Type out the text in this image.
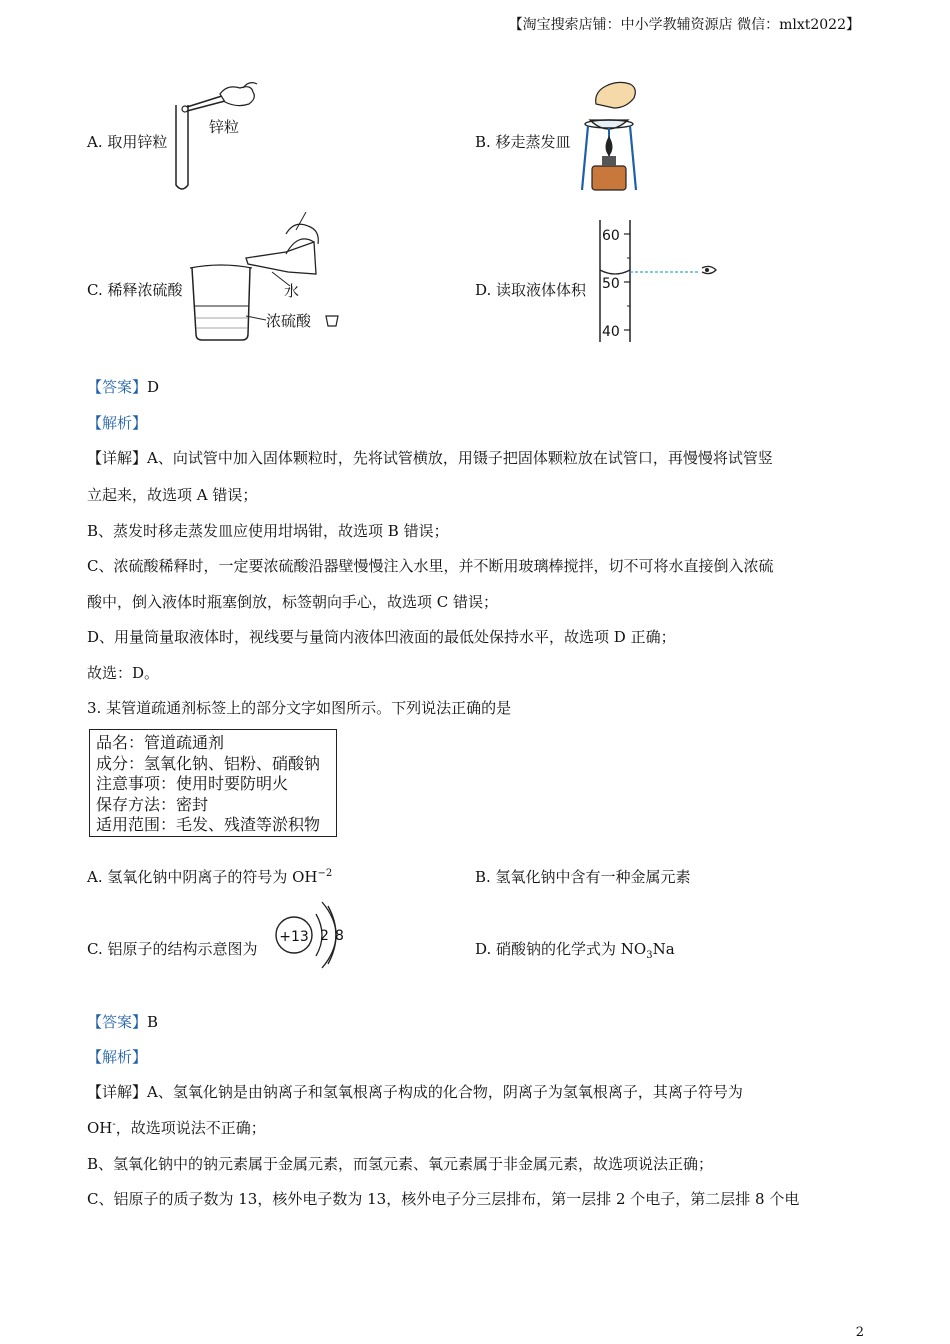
【淘宝搜索店铺：中小学教辅资源店 微信：mlxt2022】
A. 取用锌粒
锌粒
B. 移走蒸发皿
C. 稀释浓硫酸	水
浓硫酸
D. 读取液体体积
60
50
40
【答案】D
【解析】
【详解】A、向试管中加入固体颗粒时，先将试管横放，用镊子把固体颗粒放在试管口，再慢慢将试管竖
立起来，故选项 A 错误；
B、蒸发时移走蒸发皿应使用坩埚钳，故选项 B 错误；
C、浓硫酸稀释时，一定要浓硫酸沿器壁慢慢注入水里，并不断用玻璃棒搅拌，切不可将水直接倒入浓硫
酸中，倒入液体时瓶塞倒放，标签朝向手心，故选项 C 错误；
D、用量筒量取液体时，视线要与量筒内液体凹液面的最低处保持水平，故选项 D 正确；
故选：D。
3. 某管道疏通剂标签上的部分文字如图所示。下列说法正确的是
品名：管道疏通剂
成分：氢氧化钠、铝粉、硝酸钠
注意事项：使用时要防明火
保存方法：密封
适用范围：毛发、残渣等淤积物
A. 氢氧化钠中阴离子的符号为 $OH^{-2}$	B. 氢氧化钠中含有一种金属元素
C. 铝原子的结构示意图为
+13 2 8
D. 硝酸钠的化学式为 $NO_3Na$
【答案】B
【解析】
【详解】A、氢氧化钠是由钠离子和氢氧根离子构成的化合物，阴离子为氢氧根离子，其离子符号为
OH-，故选项说法不正确；
B、氢氧化钠中的钠元素属于金属元素，而氢元素、氧元素属于非金属元素，故选项说法正确；
C、铝原子的质子数为 13，核外电子数为 13，核外电子分三层排布，第一层排 2 个电子，第二层排 8 个电
2
